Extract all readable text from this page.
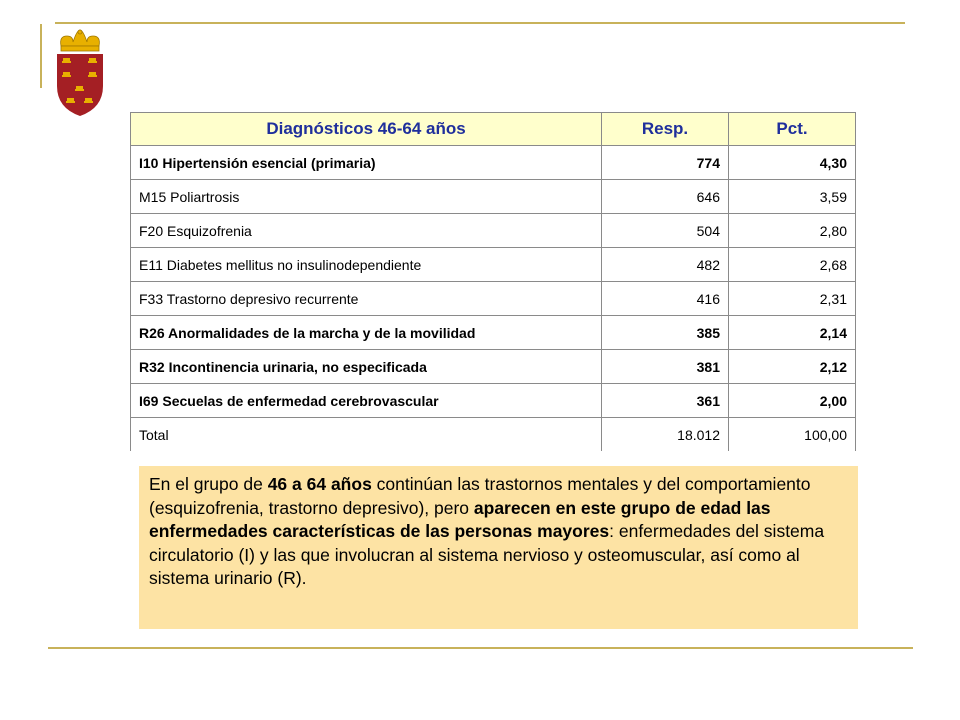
Diagnósticos 46-64 años	Resp.	Pct.
I10 Hipertensión esencial (primaria)	774	4,30
M15 Poliartrosis	646	3,59
F20 Esquizofrenia	504	2,80
E11 Diabetes mellitus no insulinodependiente	482	2,68
F33 Trastorno depresivo recurrente	416	2,31
R26 Anormalidades de la marcha y de la movilidad	385	2,14
R32 Incontinencia urinaria, no especificada	381	2,12
I69 Secuelas de enfermedad cerebrovascular	361	2,00
Total	18.012	100,00
En el grupo de 46 a 64 años continúan las trastornos mentales y del comportamiento (esquizofrenia, trastorno depresivo), pero aparecen en este grupo de edad las enfermedades características de las personas mayores: enfermedades del sistema circulatorio (I) y las que involucran al sistema nervioso y osteomuscular, así como al sistema urinario (R).
